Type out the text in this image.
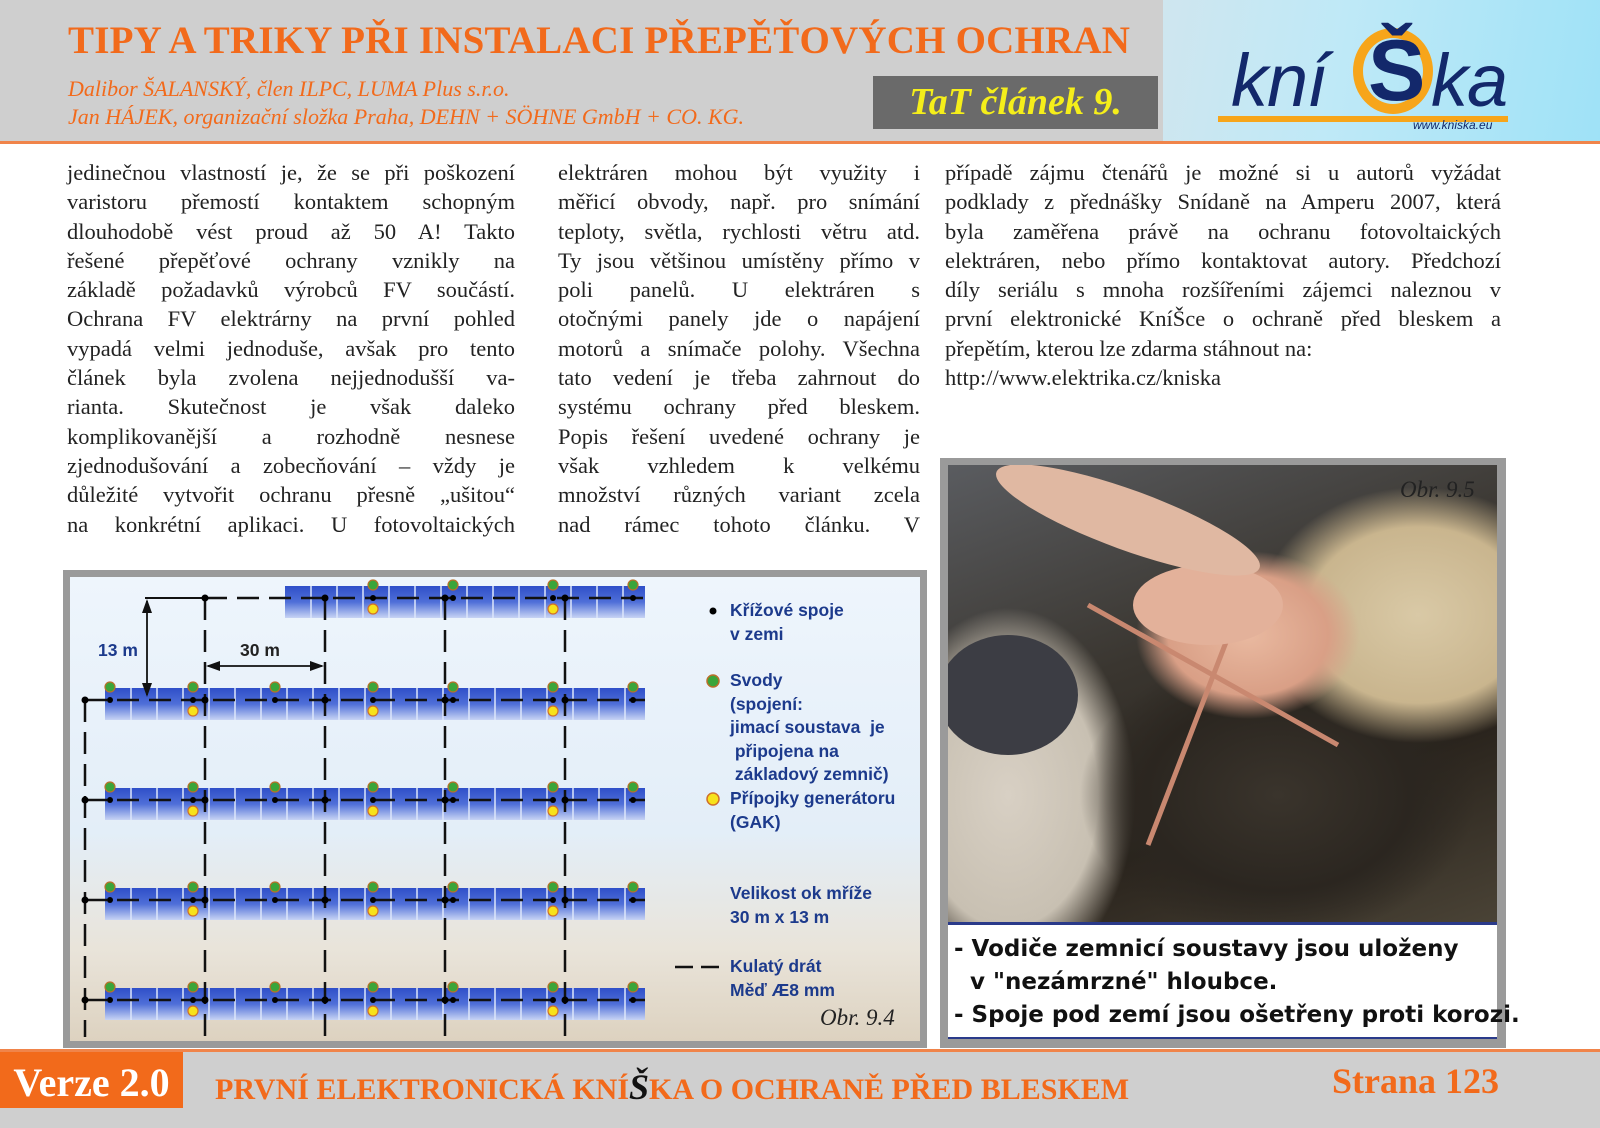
TIPY A TRIKY PŘI INSTALACI PŘEPĚŤOVÝCH OCHRAN
Dalibor ŠALANSKÝ, člen ILPC, LUMA Plus s.r.o.
Jan HÁJEK, organizační složka Praha, DEHN + SÖHNE GmbH + CO. KG.	TaT článek 9.	kní Š ka
www.kniska.eu
jedinečnou vlastností je, že se při poškození
varistoru přemostí kontaktem schopným
dlouhodobě vést proud až 50 A! Takto
řešené přepěťové ochrany vznikly na
základě požadavků výrobců FV součástí.
Ochrana FV elektrárny na první pohled
vypadá velmi jednoduše, avšak pro tento
článek byla zvolena nejjednodušší va-
rianta. Skutečnost je však daleko
komplikovanější a rozhodně nesnese
zjednodušování a zobecňování – vždy je
důležité vytvořit ochranu přesně „ušitou“
na konkrétní aplikaci. U fotovoltaických
elektráren mohou být využity i
měřicí obvody, např. pro snímání
teploty, světla, rychlosti větru atd.
Ty jsou většinou umístěny přímo v
poli panelů. U elektráren s
otočnými panely jde o napájení
motorů a snímače polohy. Všechna
tato vedení je třeba zahrnout do
systému ochrany před bleskem.
Popis řešení uvedené ochrany je
však vzhledem k velkému
množství různých variant zcela
nad rámec tohoto článku. V
případě zájmu čtenářů je možné si u autorů vyžádat
podklady z přednášky Snídaně na Amperu 2007, která
byla zaměřena právě na ochranu fotovoltaických
elektráren, nebo přímo kontaktovat autory. Předchozí
díly seriálu s mnoha rozšířeními zájemci naleznou v
první elektronické KníŠce o ochraně před bleskem a
přepětím, kterou lze zdarma stáhnout na:
http://www.elektrika.cz/kniska
Křížové spoje
v zemi
Svody
(spojení:
jimací soustava  je
připojena na
základový zemnič)
Přípojky generátoru
(GAK)
Velikost ok mříže
30 m x 13 m
Kulatý drát
Měď Æ8 mm
13 m	30 m
Obr. 9.4
Obr. 9.5
- Vodiče zemnicí soustavy jsou uloženy
v "nezámrzné" hloubce.
- Spoje pod zemí jsou ošetřeny proti korozi.
Verze 2.0	PRVNÍ ELEKTRONICKÁ KNÍŠKA O OCHRANĚ PŘED BLESKEM	Strana 123
